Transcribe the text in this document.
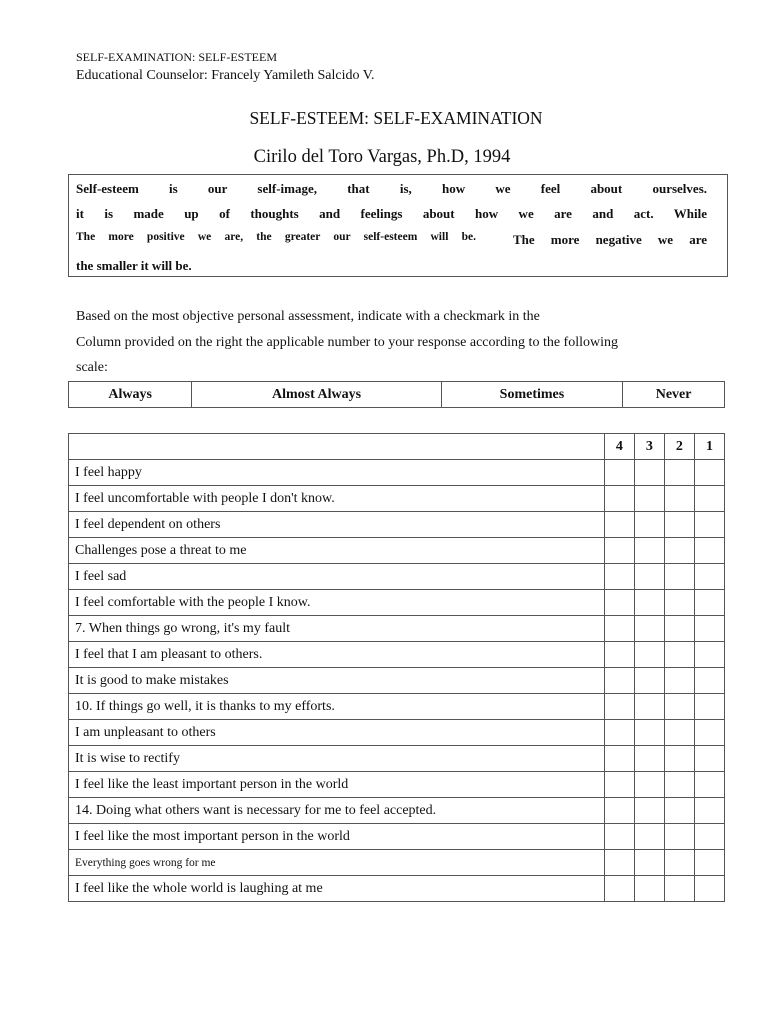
SELF-EXAMINATION: SELF-ESTEEM
Educational Counselor: Francely Yamileth Salcido V.
SELF-ESTEEM: SELF-EXAMINATION
Cirilo del Toro Vargas, Ph.D, 1994
Self-esteem is our self-image, that is, how we feel about ourselves.
it is made up of thoughts and feelings about how we are and act. While
The more positive we are, the greater our self-esteem will be.	The more negative we are
the smaller it will be.
Based on the most objective personal assessment, indicate with a checkmark in the
Column provided on the right the applicable number to your response according to the following
scale:
Always	Almost Always	Sometimes	Never
	4	3	2	1
I feel happy				
I feel uncomfortable with people I don't know.				
I feel dependent on others				
Challenges pose a threat to me				
I feel sad				
I feel comfortable with the people I know.				
7. When things go wrong, it's my fault				
I feel that I am pleasant to others.				
It is good to make mistakes				
10. If things go well, it is thanks to my efforts.				
I am unpleasant to others				
It is wise to rectify				
I feel like the least important person in the world				
14. Doing what others want is necessary for me to feel accepted.				
I feel like the most important person in the world				
Everything goes wrong for me				
I feel like the whole world is laughing at me				
